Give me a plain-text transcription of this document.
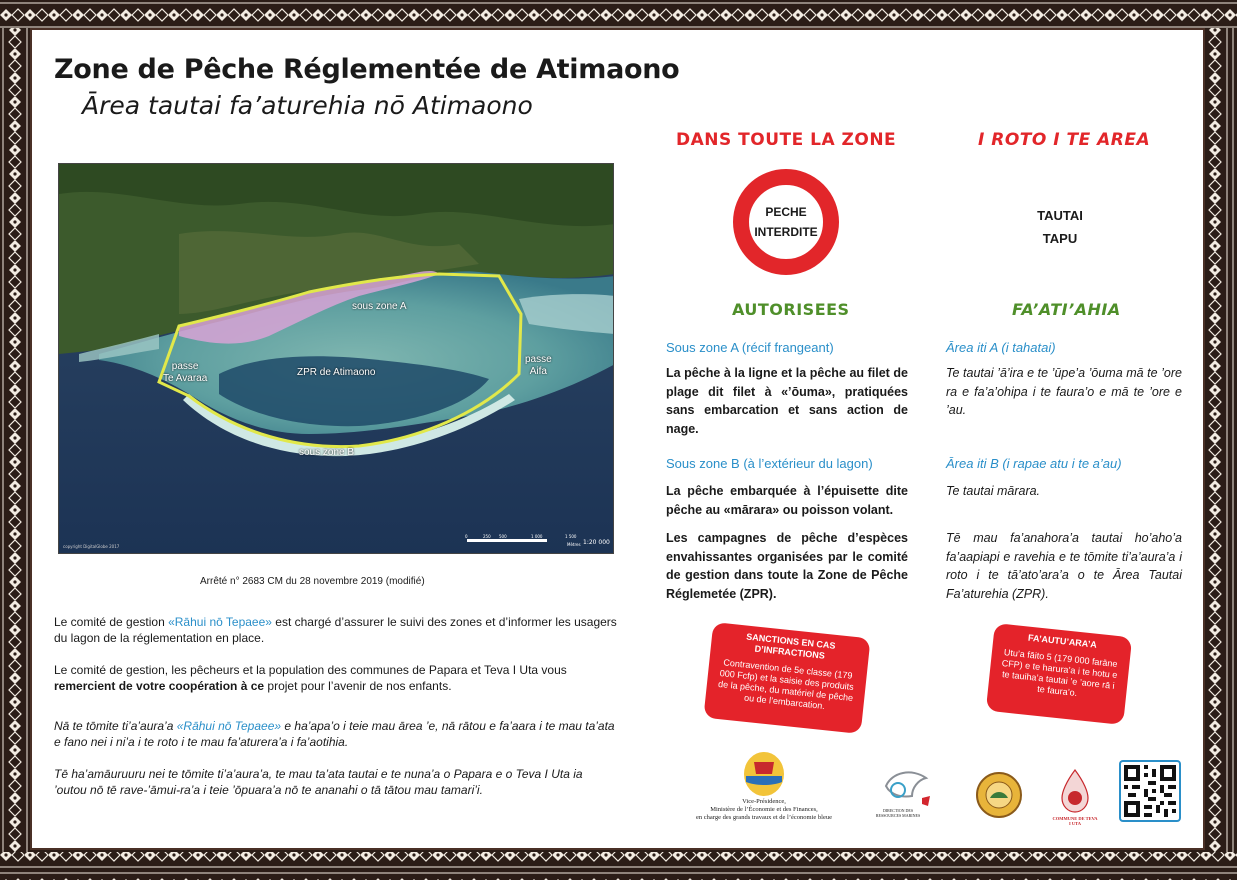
Zone de Pêche Réglementée de Atimaono
Ārea tautai fa’aturehia nō Atimaono
sous zone A
passe
Te Avaraa
ZPR de Atimaono
passe
Aifa
sous zone B
copyright DigitalGlobe 2017
0	250 500	1 000	1 500
Mètres 1:20 000
Arrêté n° 2683 CM du 28 novembre 2019 (modifié)
Le comité de gestion «Rāhui nō Tepaee» est chargé d’assurer le suivi des zones et d’informer les usagers du lagon de la réglementation en place.
Le comité de gestion, les pêcheurs et la population des communes de Papara et Teva I Uta vous remercient de votre coopération à ce projet pour l’avenir de nos enfants.
Nā te tōmite ti’a’aura’a «Rāhui nō Tepaee» e ha’apa’o i teie mau ārea ’e, nā rātou e fa’aara i te mau ta’ata e fano nei i ni’a i te roto i te mau fa’aturera’a i fa’aotihia.
Tē ha’amāuruuru nei te tōmite ti’a’aura’a, te mau ta’ata tautai e te nuna’a o Papara e o Teva I Uta ia ’outou nō tē rave-’āmui-ra’a i teie ’ōpuara’a nō te ananahi o tā tātou mau tamari’i.
DANS TOUTE LA ZONE	I ROTO I TE AREA
PECHE
INTERDITE
TAUTAI
TAPU
AUTORISEES	FA’ATI’AHIA
Sous zone A (récif frangeant)	Ārea iti A (i tahatai)
La pêche à la ligne et la pêche au filet de plage dit filet à «’ōuma», pratiquées sans embarcation et sans action de nage.
Te tautai ’ā’ira e te ’ūpe’a ’ōuma mā te ’ore ra e fa’a’ohipa i te faura’o e mā te ’ore e ’au.
Sous zone B (à l’extérieur du lagon)	Ārea iti B (i rapae atu i te a’au)
La pêche embarquée à l’épuisette dite pêche au «mārara» ou poisson volant.
Te tautai mārara.
Les campagnes de pêche d’espèces envahissantes organisées par le comité de gestion dans toute la Zone de Pêche Réglemetée (ZPR).
Tē mau fa’anahora’a tautai ho’aho’a fa’aapiapi e ravehia e te tōmite ti’a’aura’a i roto i te tā’ato’ara’a o te Ārea Tautai Fa’aturehia (ZPR).
SANCTIONS EN CAS D’INFRACTIONS
Contravention de 5e classe (179 000 Fcfp) et la saisie des produits de la pêche, du matériel de pêche ou de l’embarcation.
FA’AUTU’ARA’A
Utu’a fāito 5 (179 000 farāne CFP) e te harura’a i te hotu e te tauiha’a tautai ’e ’aore rā i te faura’o.
Vice-Présidence,
Ministère de l’Économie et des Finances,
en charge des grands travaux et de l’économie bleue
DIRECTION DES RESSOURCES MARINES
COMMUNE DE TEVA I UTA
